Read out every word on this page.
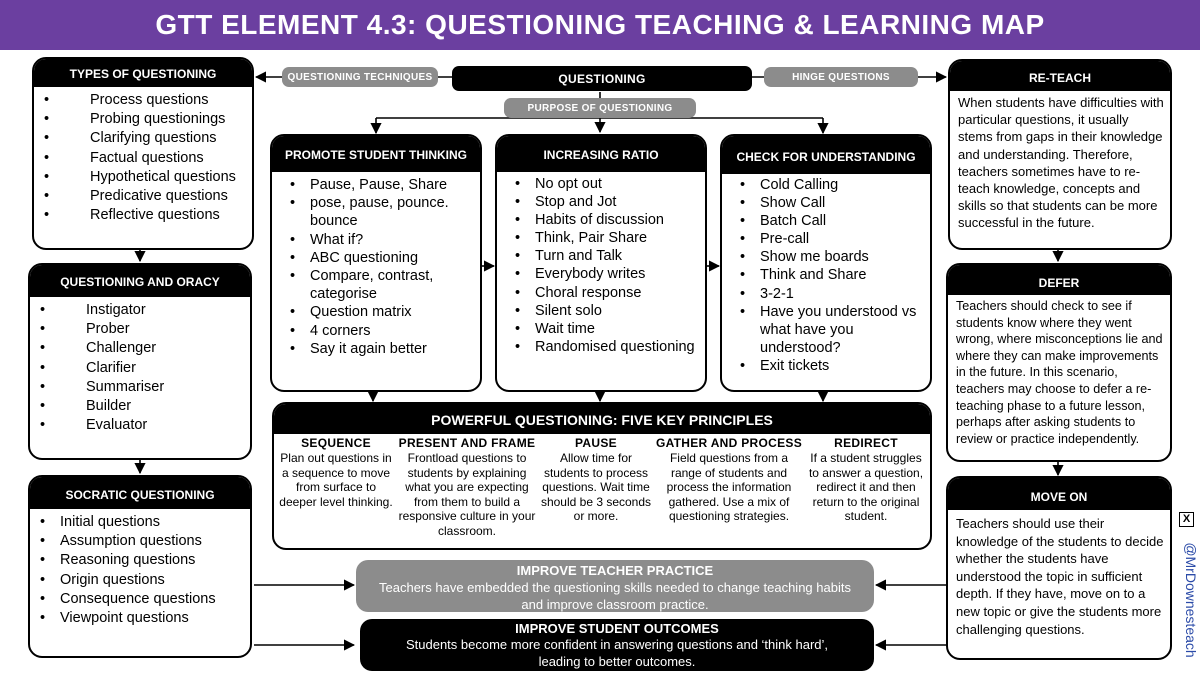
GTT ELEMENT 4.3: QUESTIONING TEACHING & LEARNING MAP
QUESTIONING TECHNIQUES	QUESTIONING	HINGE QUESTIONS
PURPOSE OF QUESTIONING
TYPES OF QUESTIONING
• Process questions
• Probing questionings
• Clarifying questions
• Factual questions
• Hypothetical questions
• Predicative questions
• Reflective questions
QUESTIONING AND ORACY
• Instigator
• Prober
• Challenger
• Clarifier
• Summariser
• Builder
• Evaluator
SOCRATIC QUESTIONING
• Initial questions
• Assumption questions
• Reasoning questions
• Origin questions
• Consequence questions
• Viewpoint questions
PROMOTE STUDENT THINKING
• Pause, Pause, Share
• pose, pause, pounce. bounce
• What if?
• ABC questioning
• Compare, contrast, categorise
• Question matrix
• 4 corners
• Say it again better
INCREASING RATIO
• No opt out
• Stop and Jot
• Habits of discussion
• Think, Pair Share
• Turn and Talk
• Everybody writes
• Choral response
• Silent solo
• Wait time
• Randomised questioning
CHECK FOR UNDERSTANDING
• Cold Calling
• Show Call
• Batch Call
• Pre-call
• Show me boards
• Think and Share
• 3-2-1
• Have you understood vs what have you understood?
• Exit tickets
RE-TEACH
When students have difficulties with particular questions, it usually stems from gaps in their knowledge and understanding. Therefore, teachers sometimes have to re-teach knowledge, concepts and skills so that students can be more successful in the future.
DEFER
Teachers should check to see if students know where they went wrong, where misconceptions lie and where they can make improvements in the future. In this scenario, teachers may choose to defer a re-teaching phase to a future lesson, perhaps after asking students to review or practice independently.
MOVE ON
Teachers should use their knowledge of the students to decide whether the students have understood the topic in sufficient depth. If they have, move on to a new topic or give the students more challenging questions.
POWERFUL QUESTIONING: FIVE KEY PRINCIPLES
SEQUENCE
Plan out questions in a sequence to move from surface to deeper level thinking.
PRESENT AND FRAME
Frontload questions to students by explaining what you are expecting from them to build a responsive culture in your classroom.
PAUSE
Allow time for students to process questions. Wait time should be 3 seconds or more.
GATHER AND PROCESS
Field questions from a range of students and process the information gathered. Use a mix of questioning strategies.
REDIRECT
If a student struggles to answer a question, redirect it and then return to the original student.
IMPROVE TEACHER PRACTICE
Teachers have embedded the questioning skills needed to change teaching habits and improve classroom practice.
IMPROVE STUDENT OUTCOMES
Students become more confident in answering questions and ‘think hard’, leading to better outcomes.
X
@MrDownesteach
